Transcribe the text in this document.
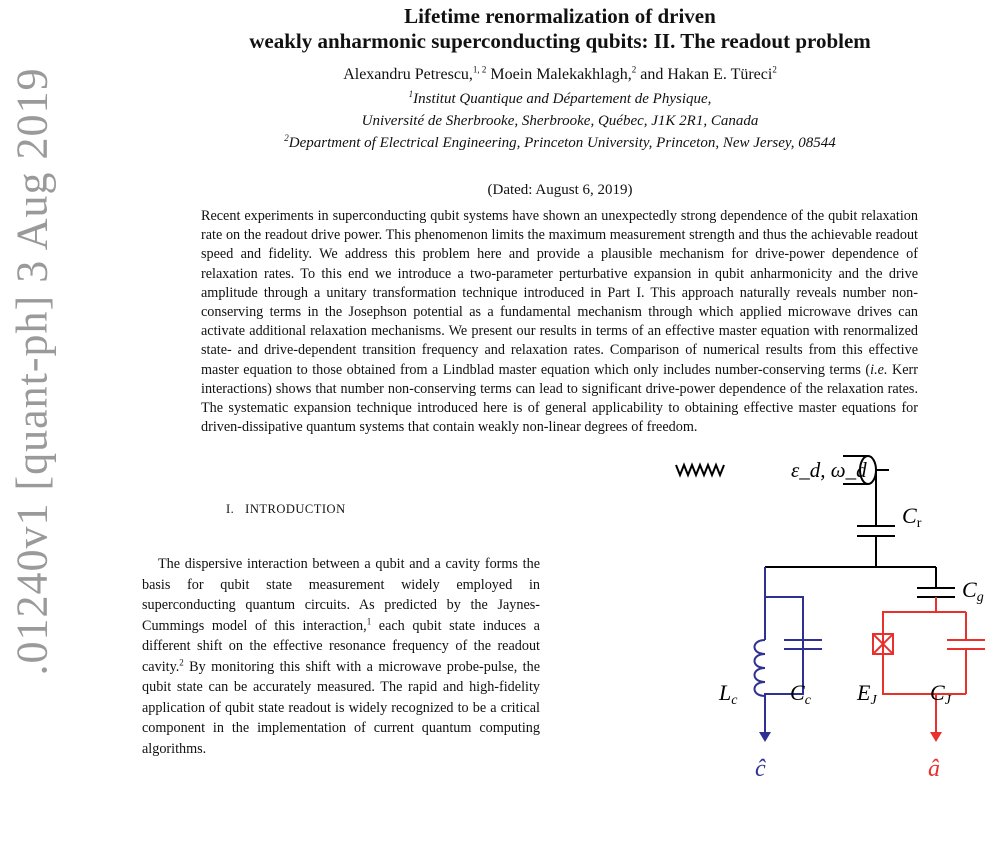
.01240v1 [quant-ph] 3 Aug 2019
Lifetime renormalization of driven
weakly anharmonic superconducting qubits: II. The readout problem
Alexandru Petrescu,$^{1, 2}$ Moein Malekakhlagh,$^2$ and Hakan E. Türeci$^2$
$^1$Institut Quantique and Département de Physique,
Université de Sherbrooke, Sherbrooke, Québec, J1K 2R1, Canada
$^2$Department of Electrical Engineering, Princeton University, Princeton, New Jersey, 08544
(Dated: August 6, 2019)
Recent experiments in superconducting qubit systems have shown an unexpectedly strong dependence of the qubit relaxation rate on the readout drive power. This phenomenon limits the maximum measurement strength and thus the achievable readout speed and fidelity. We address this problem here and provide a plausible mechanism for drive-power dependence of relaxation rates. To this end we introduce a two-parameter perturbative expansion in qubit anharmonicity and the drive amplitude through a unitary transformation technique introduced in Part I. This approach naturally reveals number non-conserving terms in the Josephson potential as a fundamental mechanism through which applied microwave drives can activate additional relaxation mechanisms. We present our results in terms of an effective master equation with renormalized state- and drive-dependent transition frequency and relaxation rates. Comparison of numerical results from this effective master equation to those obtained from a Lindblad master equation which only includes number-conserving terms (i.e. Kerr interactions) shows that number non-conserving terms can lead to significant drive-power dependence of the relaxation rates. The systematic expansion technique introduced here is of general applicability to obtaining effective master equations for driven-dissipative quantum systems that contain weakly non-linear degrees of freedom.
I. INTRODUCTION
The dispersive interaction between a qubit and a cavity forms the basis for qubit state measurement widely employed in superconducting quantum circuits. As predicted by the Jaynes-Cummings model of this interaction,$^1$ each qubit state induces a different shift on the effective resonance frequency of the readout cavity.$^2$ By monitoring this shift with a microwave probe-pulse, the qubit state can be accurately measured. The rapid and high-fidelity application of qubit state readout is widely recognized to be a critical component in the implementation of current quantum computing algorithms.
ε_d, ω_d
Cr
Cg
Lc Cc
ĉ
EJ CJ
â
